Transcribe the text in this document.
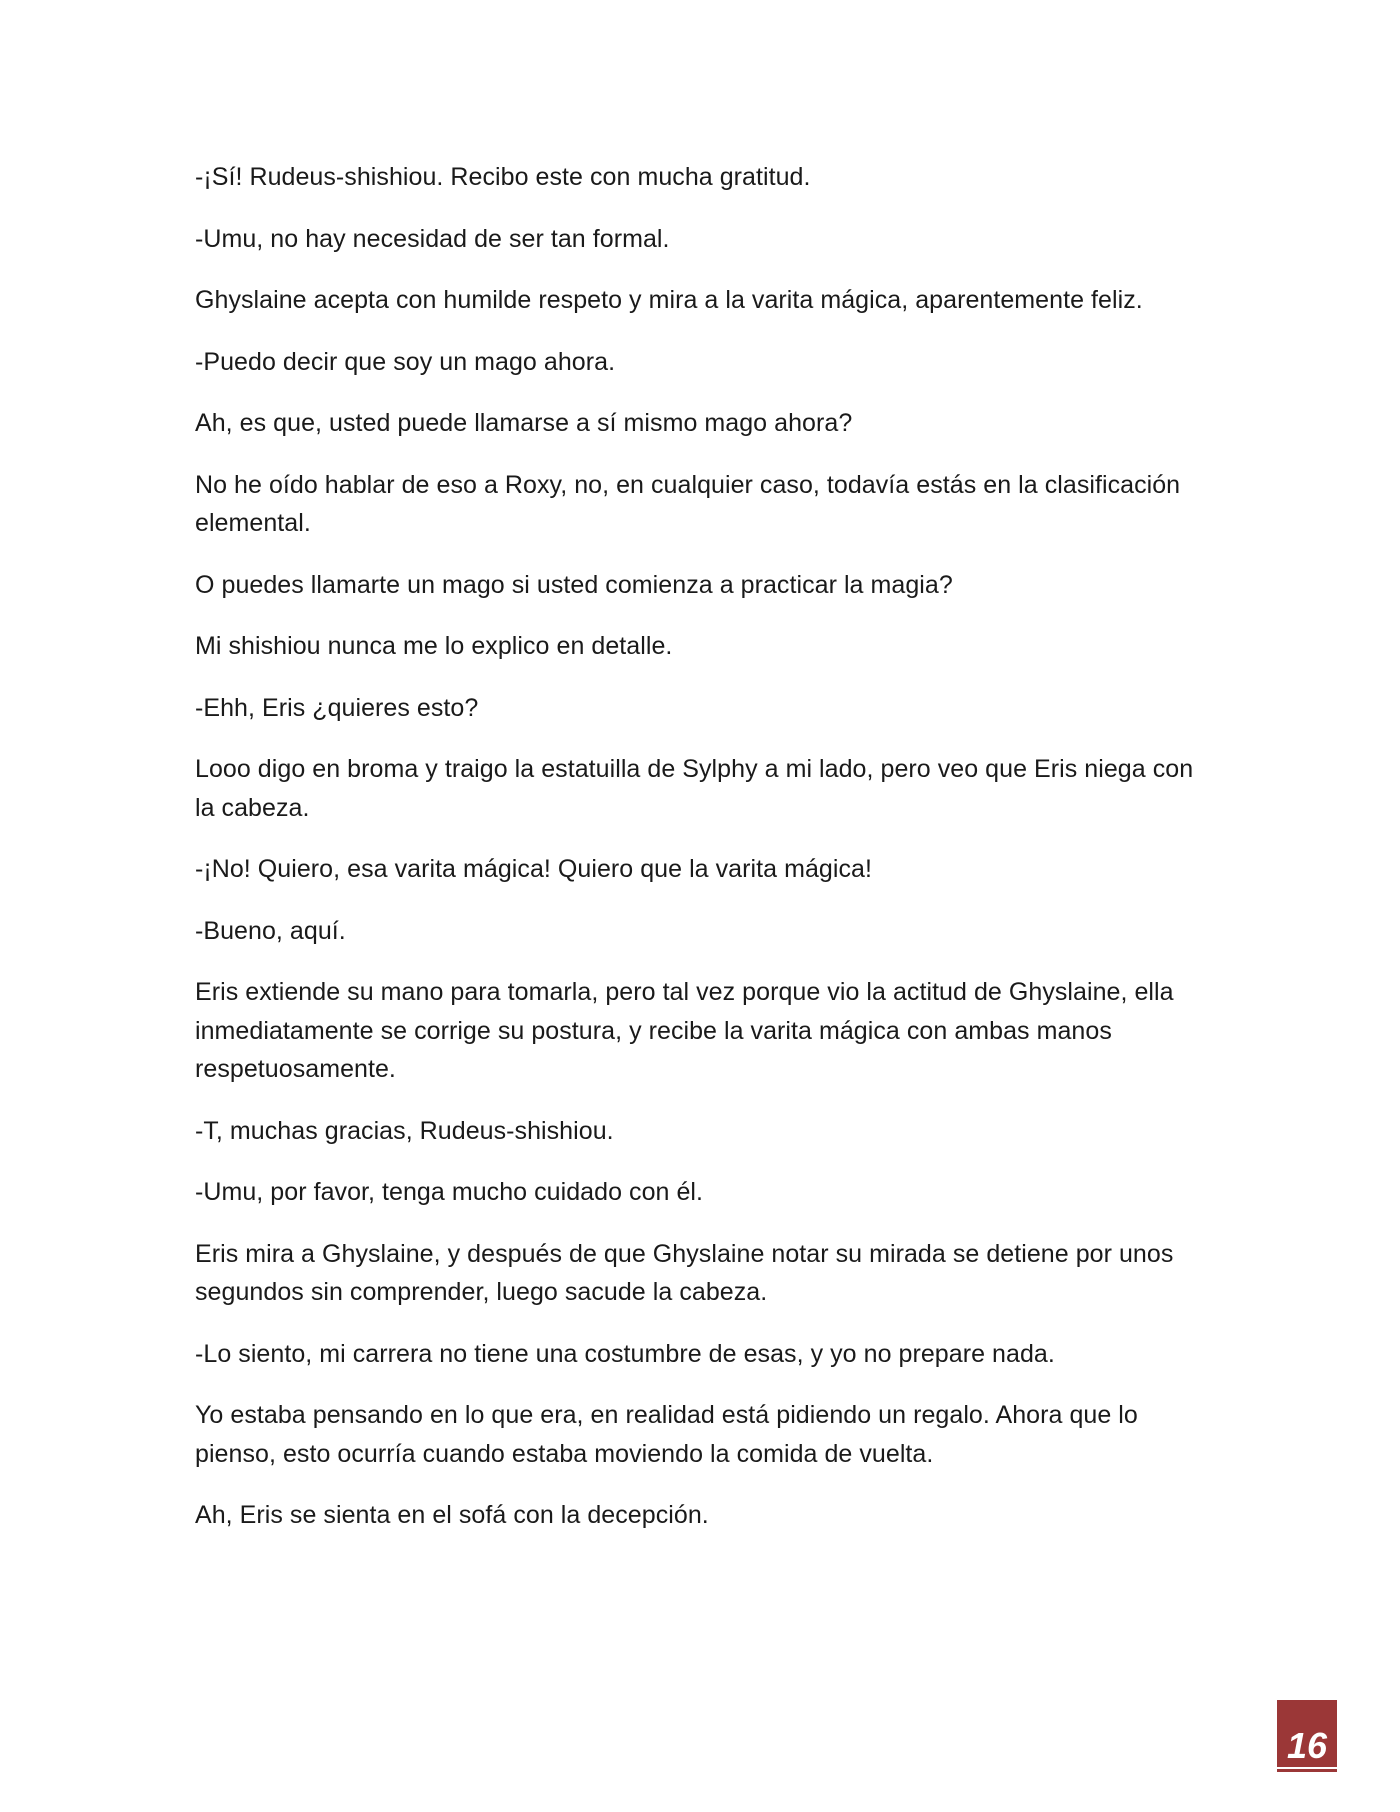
-¡Sí! Rudeus-shishiou. Recibo este con mucha gratitud.

-Umu, no hay necesidad de ser tan formal.

Ghyslaine acepta con humilde respeto y mira a la varita mágica, aparentemente feliz.

-Puedo decir que soy un mago ahora.

Ah, es que, usted puede llamarse a sí mismo mago ahora?

No he oído hablar de eso a Roxy, no, en cualquier caso, todavía estás en la clasificación elemental.

O puedes llamarte un mago si usted comienza a practicar la magia?

Mi shishiou nunca me lo explico en detalle.

-Ehh, Eris ¿quieres esto?

Looo digo en broma y traigo la estatuilla de Sylphy a mi lado, pero veo que Eris niega con la cabeza.

-¡No! Quiero, esa varita mágica! Quiero que la varita mágica!

-Bueno, aquí.

Eris extiende su mano para tomarla, pero tal vez porque vio la actitud de Ghyslaine, ella inmediatamente se corrige su postura, y recibe la varita mágica con ambas manos respetuosamente.

-T, muchas gracias, Rudeus-shishiou.

-Umu, por favor, tenga mucho cuidado con él.

Eris mira a Ghyslaine, y después de que Ghyslaine notar su mirada se detiene por unos segundos sin comprender, luego sacude la cabeza.

-Lo siento, mi carrera no tiene una costumbre de esas, y yo no prepare nada.

Yo estaba pensando en lo que era, en realidad está pidiendo un regalo. Ahora que lo pienso, esto ocurría cuando estaba moviendo la comida de vuelta.

Ah, Eris se sienta en el sofá con la decepción.

16
